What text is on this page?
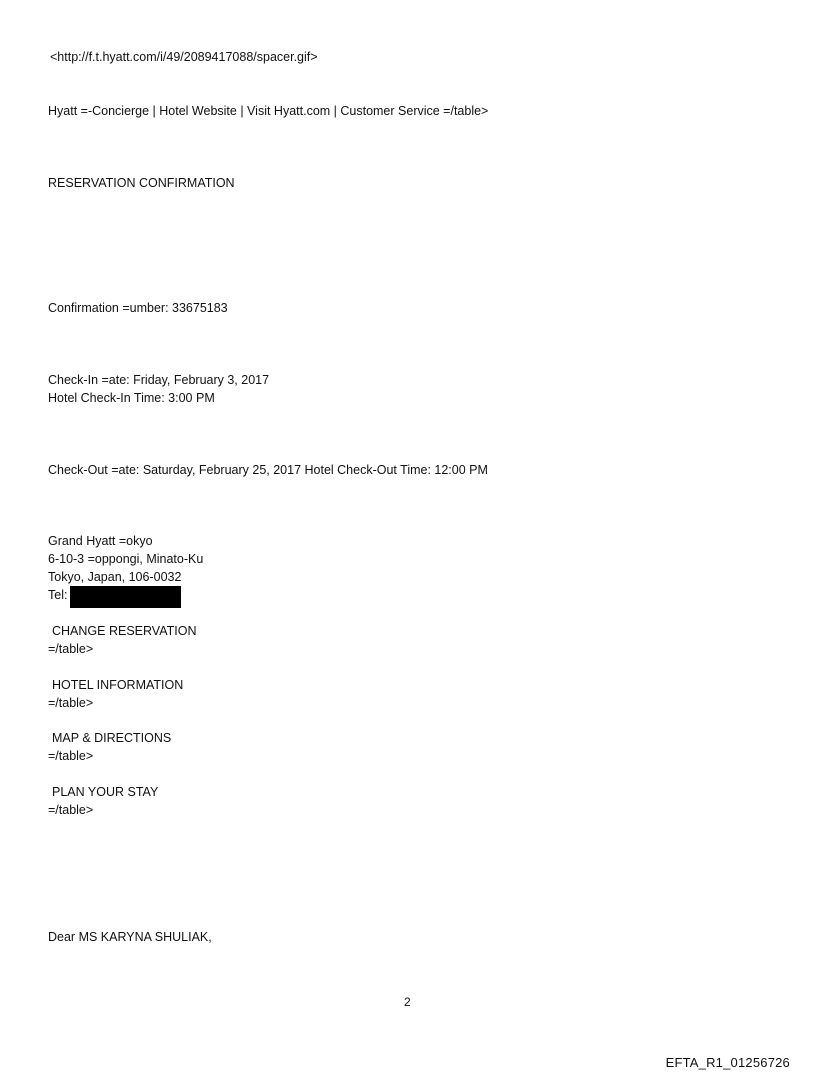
<http://f.t.hyatt.com/i/49/2089417088/spacer.gif>
Hyatt =-Concierge | Hotel Website | Visit Hyatt.com | Customer Service =/table>
RESERVATION CONFIRMATION
Confirmation =umber: 33675183
Check-In =ate: Friday, February 3, 2017
Hotel Check-In Time: 3:00 PM
Check-Out =ate: Saturday, February 25, 2017 Hotel Check-Out Time: 12:00 PM
Grand Hyatt =okyo
6-10-3 =oppongi, Minato-Ku
Tokyo, Japan, 106-0032
Tel:
CHANGE RESERVATION
=/table>
HOTEL INFORMATION
=/table>
MAP & DIRECTIONS
=/table>
PLAN YOUR STAY
=/table>
Dear MS KARYNA SHULIAK,
2
EFTA_R1_01256726
